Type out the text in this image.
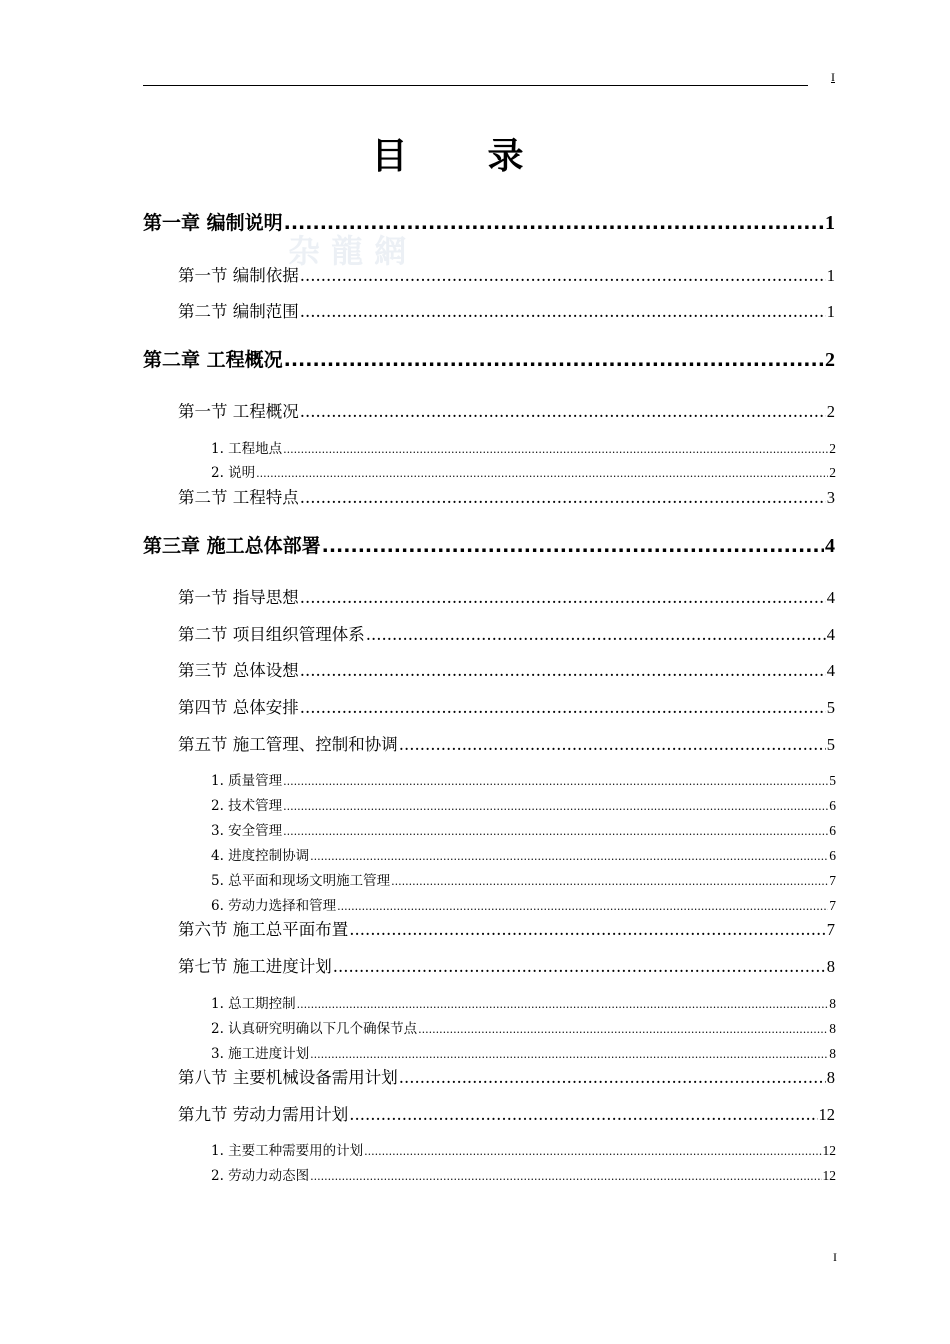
I
目录
杂 龍 網
第一章 编制说明 .....	1
第一节 编制依据 .....	1
第二节 编制范围 .....	1
第二章 工程概况 .....	2
第一节 工程概况 .....	2
1. 工程地点 .....	2
2. 说明 .....	2
第二节 工程特点 .....	3
第三章 施工总体部署 .....	4
第一节 指导思想 .....	4
第二节 项目组织管理体系 .....	4
第三节 总体设想 .....	4
第四节 总体安排 .....	5
第五节 施工管理、控制和协调 .....	5
1. 质量管理 .....	5
2. 技术管理 .....	6
3. 安全管理 .....	6
4. 进度控制协调 .....	6
5. 总平面和现场文明施工管理 .....	7
6. 劳动力选择和管理 .....	7
第六节 施工总平面布置 .....	7
第七节 施工进度计划 .....	8
1. 总工期控制 .....	8
2. 认真研究明确以下几个确保节点 .....	8
3. 施工进度计划 .....	8
第八节 主要机械设备需用计划 .....	8
第九节 劳动力需用计划 .....	12
1. 主要工种需要用的计划 .....	12
2. 劳动力动态图 .....	12
I
